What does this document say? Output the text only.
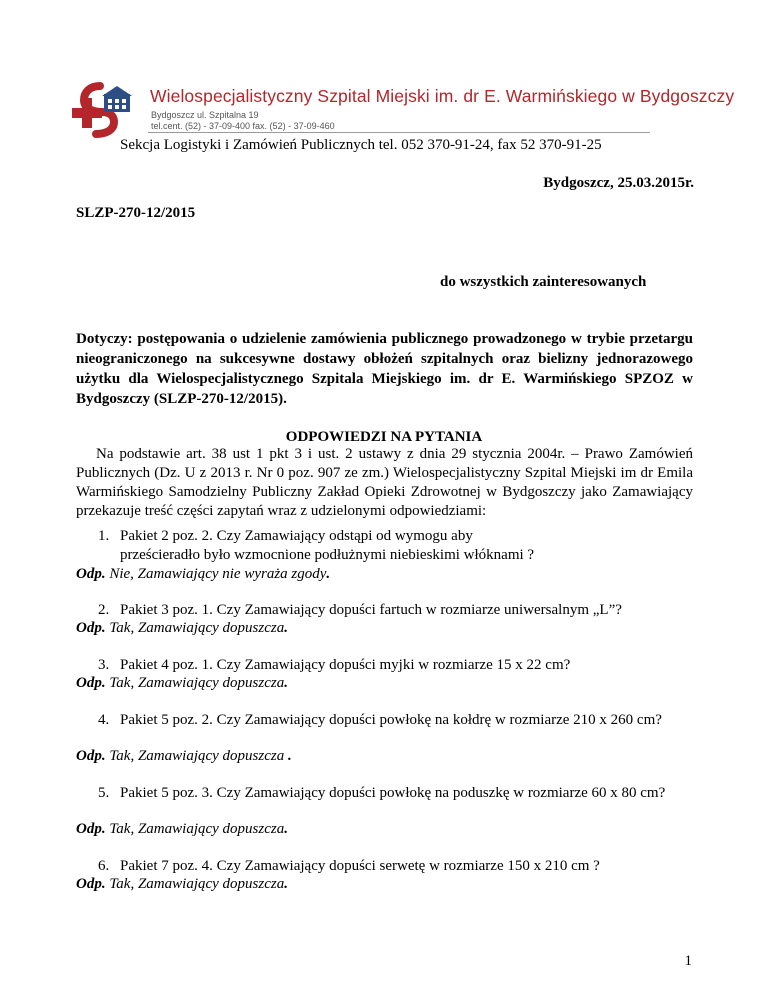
Wielospecjalistyczny Szpital Miejski im. dr E. Warmińskiego w Bydgoszczy
Bydgoszcz ul. Szpitalna 19
tel.cent. (52) - 37-09-400 fax. (52) - 37-09-460
Sekcja Logistyki i Zamówień Publicznych tel. 052 370-91-24, fax 52 370-91-25
Bydgoszcz, 25.03.2015r.
SLZP-270-12/2015
do wszystkich zainteresowanych
Dotyczy: postępowania o udzielenie zamówienia publicznego prowadzonego w trybie przetargu nieograniczonego na sukcesywne dostawy obłożeń szpitalnych oraz bielizny jednorazowego użytku dla Wielospecjalistycznego Szpitala Miejskiego im. dr E. Warmińskiego SPZOZ w Bydgoszczy (SLZP-270-12/2015).
ODPOWIEDZI NA PYTANIA
Na podstawie art. 38 ust 1 pkt 3 i ust. 2 ustawy z dnia 29 stycznia 2004r. – Prawo Zamówień Publicznych (Dz. U z 2013 r. Nr 0 poz. 907 ze zm.) Wielospecjalistyczny Szpital Miejski im dr Emila Warmińskiego Samodzielny Publiczny Zakład Opieki Zdrowotnej w Bydgoszczy jako Zamawiający przekazuje treść części zapytań wraz z udzielonymi odpowiedziami:
1. Pakiet 2 poz. 2. Czy Zamawiający odstąpi od wymogu aby prześcieradło było wzmocnione podłużnymi niebieskimi włóknami ?
Odp. Nie, Zamawiający nie wyraża zgody.
2. Pakiet 3 poz. 1. Czy Zamawiający dopuści fartuch w rozmiarze uniwersalnym „L”?
Odp. Tak, Zamawiający dopuszcza.
3. Pakiet 4 poz. 1. Czy Zamawiający dopuści myjki w rozmiarze 15 x 22 cm?
Odp. Tak, Zamawiający dopuszcza.
4. Pakiet 5 poz. 2. Czy Zamawiający dopuści powłokę na kołdrę w rozmiarze 210 x 260 cm?
Odp. Tak, Zamawiający dopuszcza .
5. Pakiet 5 poz. 3. Czy Zamawiający dopuści powłokę na poduszkę w rozmiarze 60 x 80 cm?
Odp. Tak, Zamawiający dopuszcza.
6. Pakiet 7 poz. 4. Czy Zamawiający dopuści serwetę w rozmiarze 150 x 210 cm ?
Odp. Tak, Zamawiający dopuszcza.
1
